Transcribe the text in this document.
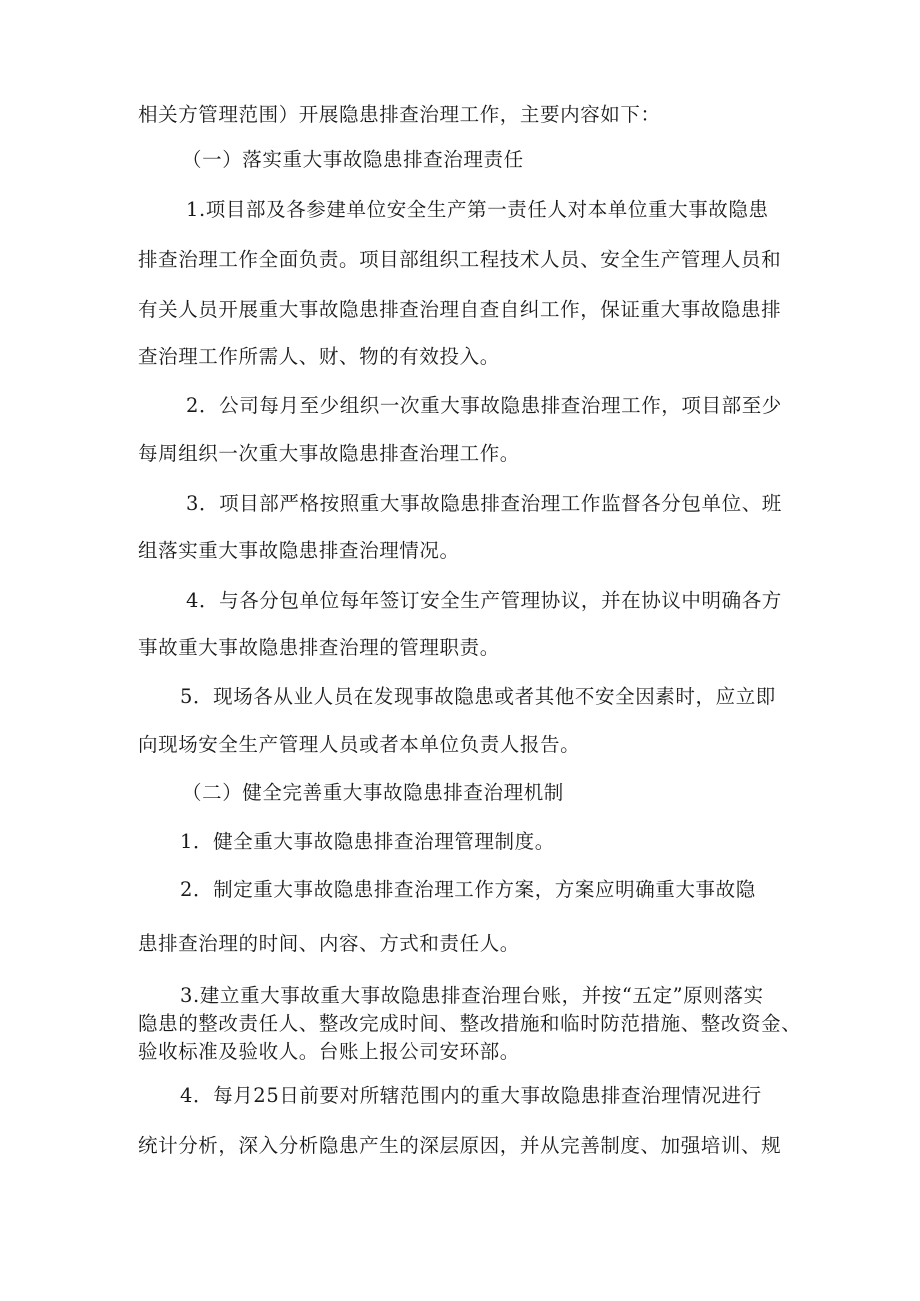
相关方管理范围）开展隐患排查治理工作，主要内容如下：
（一）落实重大事故隐患排查治理责任
1.项目部及各参建单位安全生产第一责任人对本单位重大事故隐患
排查治理工作全面负责。项目部组织工程技术人员、安全生产管理人员和
有关人员开展重大事故隐患排查治理自查自纠工作，保证重大事故隐患排
查治理工作所需人、财、物的有效投入。
2．公司每月至少组织一次重大事故隐患排查治理工作，项目部至少
每周组织一次重大事故隐患排查治理工作。
3．项目部严格按照重大事故隐患排查治理工作监督各分包单位、班
组落实重大事故隐患排查治理情况。
4．与各分包单位每年签订安全生产管理协议，并在协议中明确各方
事故重大事故隐患排查治理的管理职责。
5．现场各从业人员在发现事故隐患或者其他不安全因素时，应立即
向现场安全生产管理人员或者本单位负责人报告。
（二）健全完善重大事故隐患排查治理机制
1．健全重大事故隐患排查治理管理制度。
2．制定重大事故隐患排查治理工作方案，方案应明确重大事故隐
患排查治理的时间、内容、方式和责任人。
3.建立重大事故重大事故隐患排查治理台账，并按“五定”原则落实
隐患的整改责任人、整改完成时间、整改措施和临时防范措施、整改资金、
验收标准及验收人。台账上报公司安环部。
4．每月25日前要对所辖范围内的重大事故隐患排查治理情况进行
统计分析，深入分析隐患产生的深层原因，并从完善制度、加强培训、规
